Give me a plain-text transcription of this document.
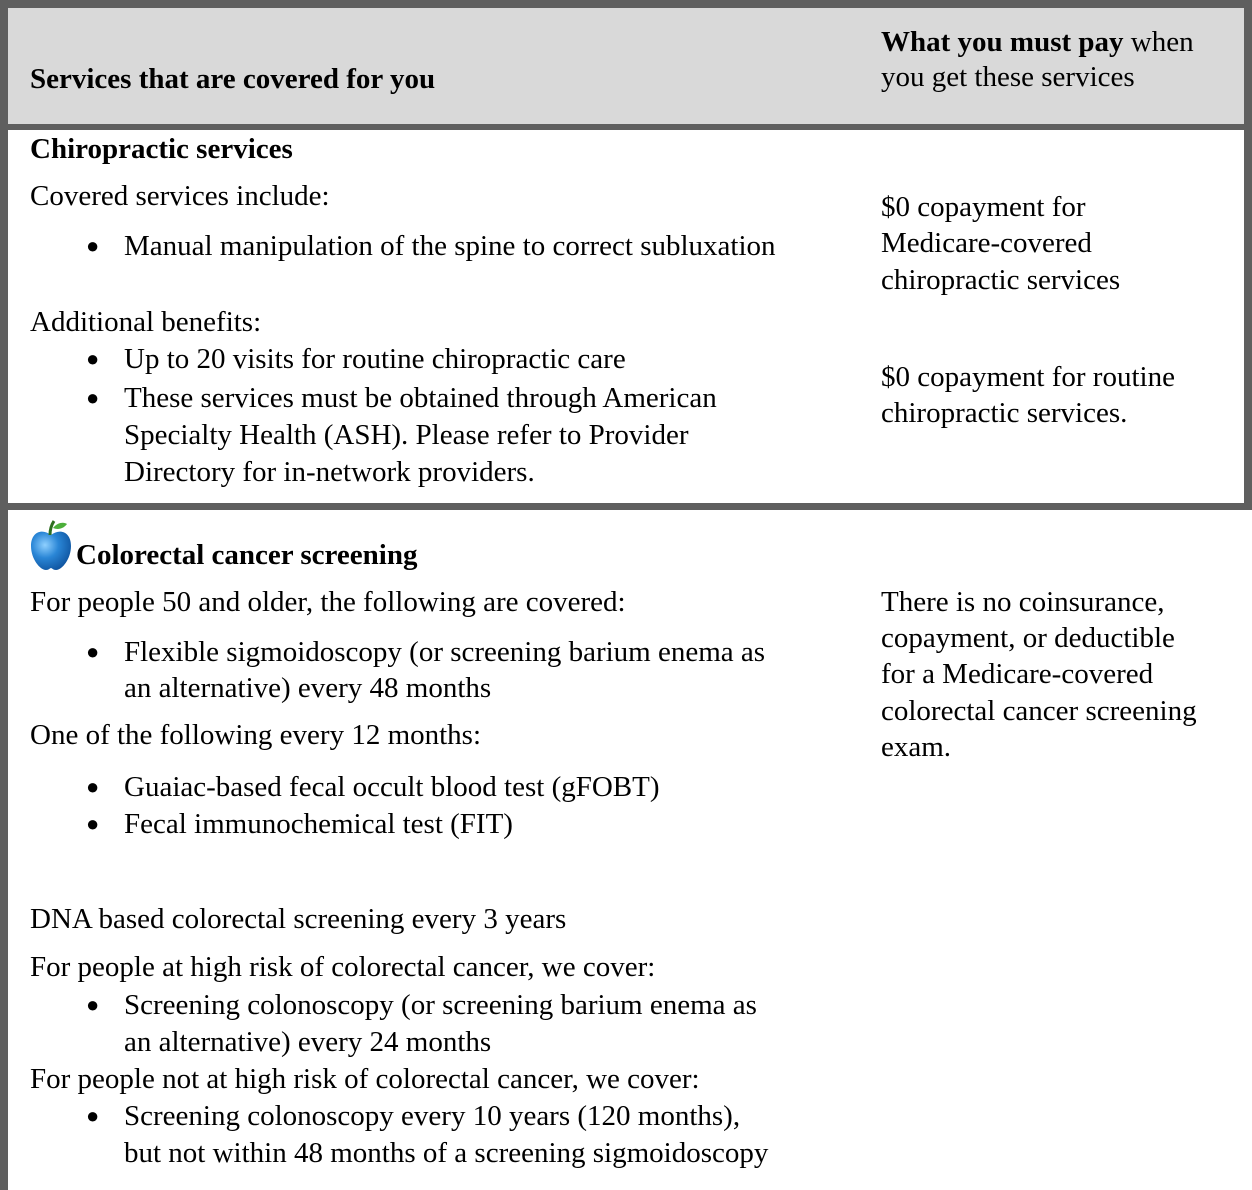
Services that are covered for you
What you must pay when
you get these services
Chiropractic services
Covered services include:
● Manual manipulation of the spine to correct subluxation
Additional benefits:
● Up to 20 visits for routine chiropractic care
● These services must be obtained through American
Specialty Health (ASH). Please refer to Provider
Directory for in-network providers.
$0 copayment for
Medicare-covered
chiropractic services
$0 copayment for routine
chiropractic services.
Colorectal cancer screening
For people 50 and older, the following are covered:
● Flexible sigmoidoscopy (or screening barium enema as
an alternative) every 48 months
One of the following every 12 months:
● Guaiac-based fecal occult blood test (gFOBT)
● Fecal immunochemical test (FIT)
DNA based colorectal screening every 3 years
For people at high risk of colorectal cancer, we cover:
● Screening colonoscopy (or screening barium enema as
an alternative) every 24 months
For people not at high risk of colorectal cancer, we cover:
● Screening colonoscopy every 10 years (120 months),
but not within 48 months of a screening sigmoidoscopy
There is no coinsurance,
copayment, or deductible
for a Medicare-covered
colorectal cancer screening
exam.
